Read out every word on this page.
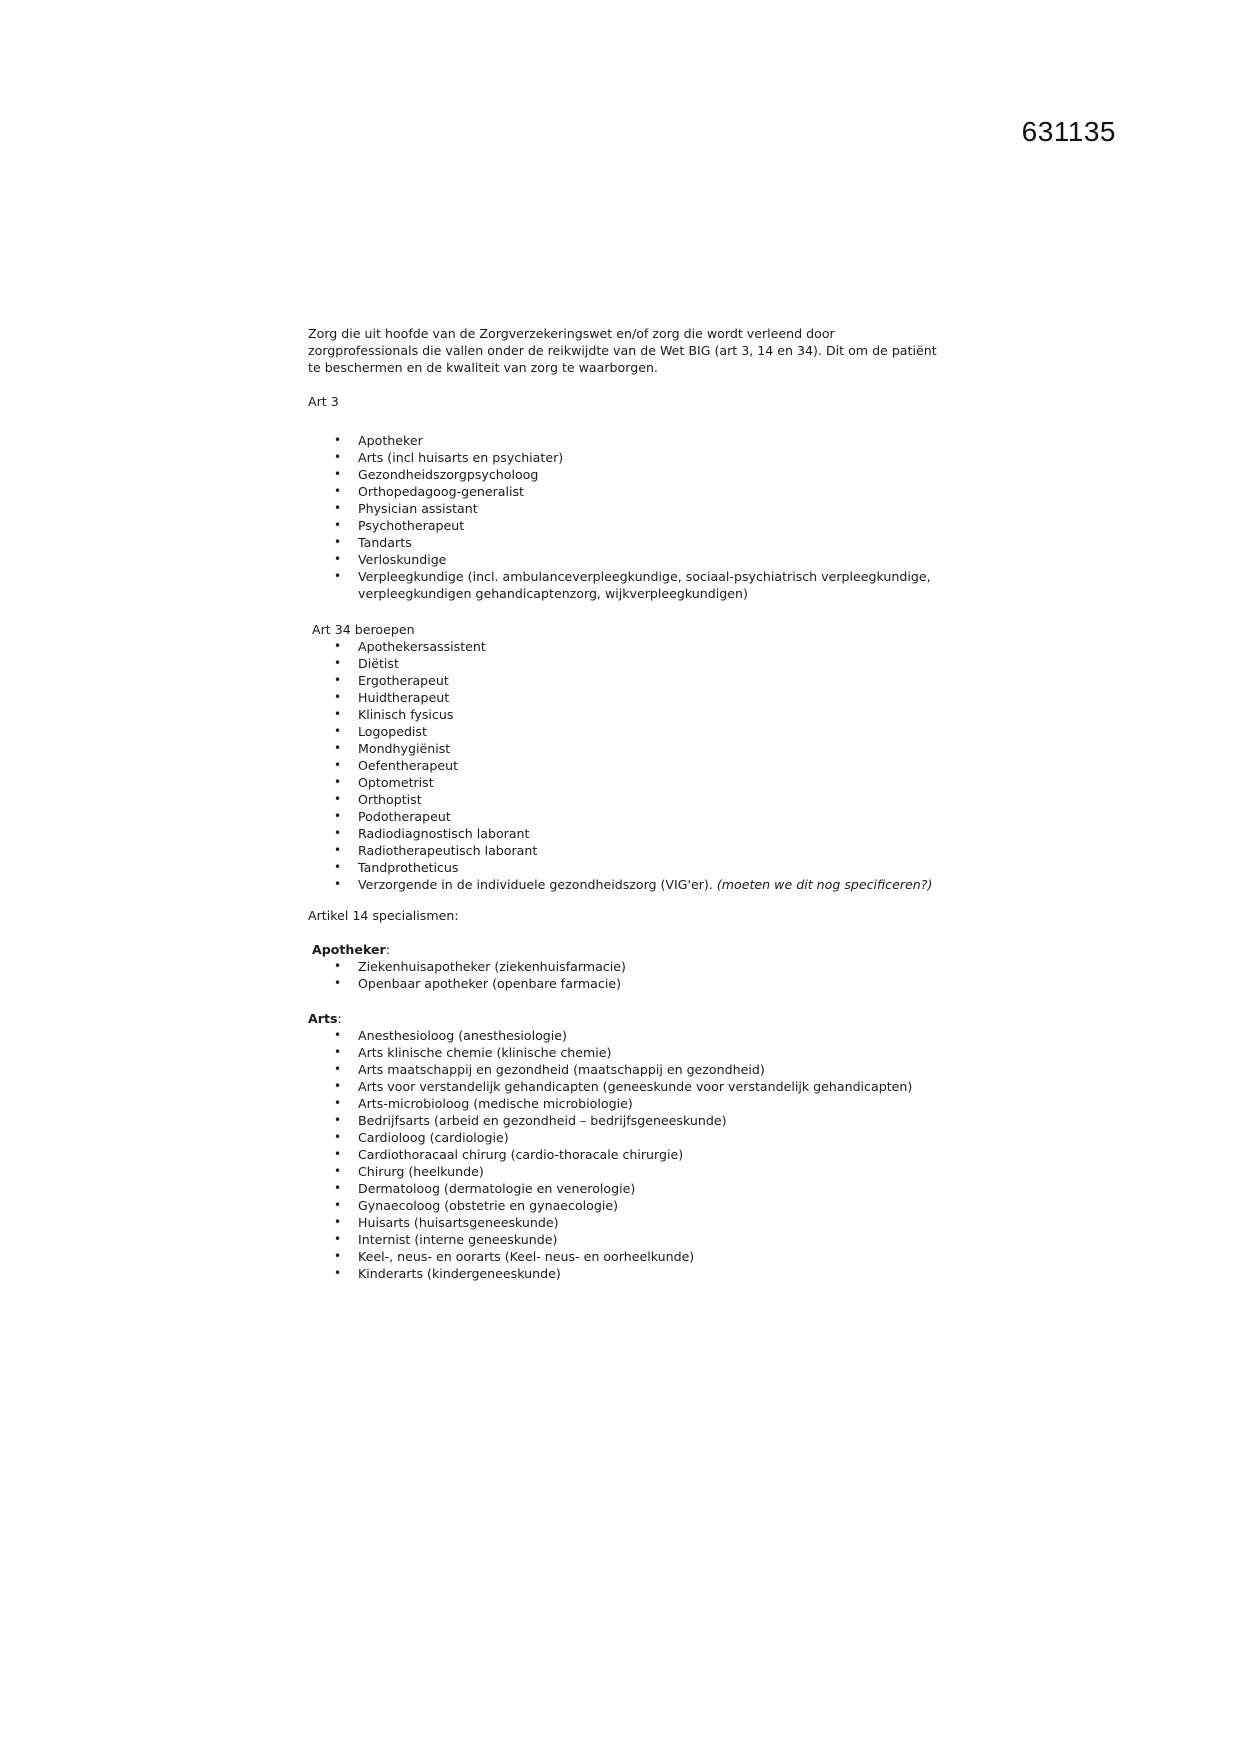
631135

Zorg die uit hoofde van de Zorgverzekeringswet en/of zorg die wordt verleend door zorgprofessionals die vallen onder de reikwijdte van de Wet BIG (art 3, 14 en 34). Dit om de patiënt te beschermen en de kwaliteit van zorg te waarborgen.

Art 3

• Apotheker
• Arts (incl huisarts en psychiater)
• Gezondheidszorgpsycholoog
• Orthopedagoog-generalist
• Physician assistant
• Psychotherapeut
• Tandarts
• Verloskundige
• Verpleegkundige (incl. ambulanceverpleegkundige, sociaal-psychiatrisch verpleegkundige, verpleegkundigen gehandicaptenzorg, wijkverpleegkundigen)

Art 34 beroepen

• Apothekersassistent
• Diëtist
• Ergotherapeut
• Huidtherapeut
• Klinisch fysicus
• Logopedist
• Mondhygiënist
• Oefentherapeut
• Optometrist
• Orthoptist
• Podotherapeut
• Radiodiagnostisch laborant
• Radiotherapeutisch laborant
• Tandprotheticus
• Verzorgende in de individuele gezondheidszorg (VIG'er). (moeten we dit nog specificeren?)

Artikel 14 specialismen:

Apotheker:

• Ziekenhuisapotheker (ziekenhuisfarmacie)
• Openbaar apotheker (openbare farmacie)

Arts:

• Anesthesioloog (anesthesiologie)
• Arts klinische chemie (klinische chemie)
• Arts maatschappij en gezondheid (maatschappij en gezondheid)
• Arts voor verstandelijk gehandicapten (geneeskunde voor verstandelijk gehandicapten)
• Arts-microbioloog (medische microbiologie)
• Bedrijfsarts (arbeid en gezondheid – bedrijfsgeneeskunde)
• Cardioloog (cardiologie)
• Cardiothoracaal chirurg (cardio-thoracale chirurgie)
• Chirurg (heelkunde)
• Dermatoloog (dermatologie en venerologie)
• Gynaecoloog (obstetrie en gynaecologie)
• Huisarts (huisartsgeneeskunde)
• Internist (interne geneeskunde)
• Keel-, neus- en oorarts (Keel- neus- en oorheelkunde)
• Kinderarts (kindergeneeskunde)
